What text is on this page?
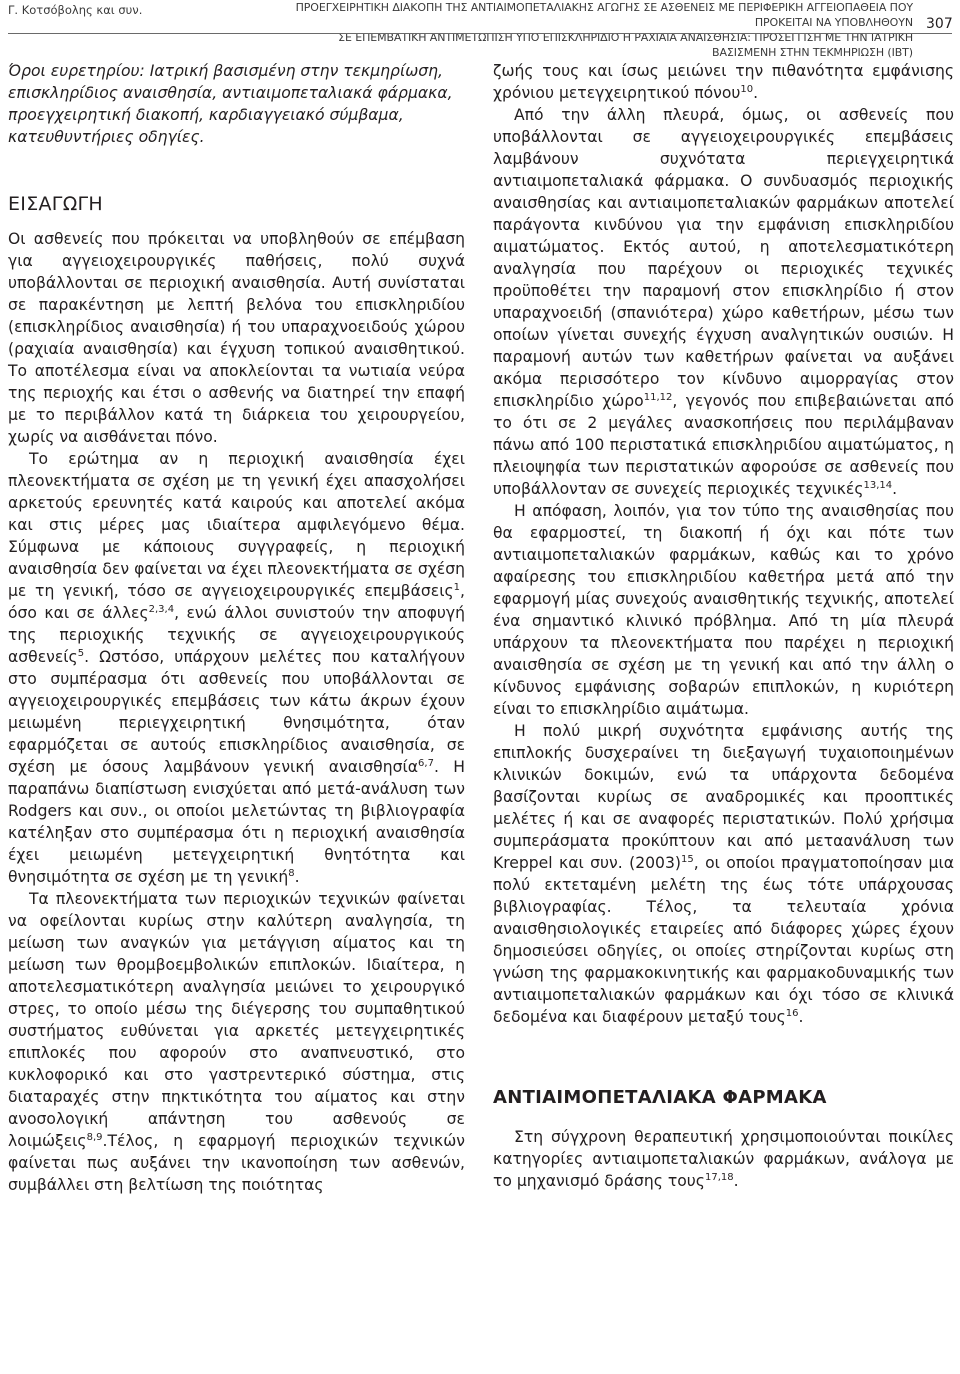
Γ. Κοτσόβολης και συν.	ΠΡΟΕΓΧΕΙΡΗΤΙΚΗ ΔΙΑΚΟΠΗ ΤΗΣ ΑΝΤΙΑΙΜΟΠΕΤΑΛΙΑΚΗΣ ΑΓΩΓΗΣ ΣΕ ΑΣΘΕΝΕΙΣ ΜΕ ΠΕΡΙΦΕΡΙΚΗ ΑΓΓΕΙΟΠΑΘΕΙΑ ΠΟΥ ΠΡΟΚΕΙΤΑΙ ΝΑ ΥΠΟΒΛΗΘΟΥΝ
ΣΕ ΕΠΕΜΒΑΤΙΚΗ ΑΝΤΙΜΕΤΩΠΙΣΗ ΥΠΟ ΕΠΙΣΚΛΗΡΙΔΙΟ Η ΡΑΧΙΑΙΑ ΑΝΑΙΣΘΗΣΙΑ: ΠΡΟΣΕΓΓΙΣΗ ΜΕ ΤΗΝ ΙΑΤΡΙΚΗ ΒΑΣΙΣΜΕΝΗ ΣΤΗΝ ΤΕΚΜΗΡΙΩΣΗ (ΙΒΤ)
307

Όροι ευρετηρίου: Ιατρική βασισμένη στην τεκμηρίωση, επισκληρίδιος αναισθησία, αντιαιμοπεταλιακά φάρμακα, προεγχειρητική διακοπή, καρδιαγγειακό σύμβαμα, κατευθυντήριες οδηγίες.

ΕΙΣΑΓΩΓΗ

Οι ασθενείς που πρόκειται να υποβληθούν σε επέμβαση για αγγειοχειρουργικές παθήσεις, πολύ συχνά υποβάλλονται σε περιοχική αναισθησία. Αυτή συνίσταται σε παρακέντηση με λεπτή βελόνα του επισκληριδίου (επισκληρίδιος αναισθησία) ή του υπαραχνοειδούς χώρου (ραχιαία αναισθησία) και έγχυση τοπικού αναισθητικού. Το αποτέλεσμα είναι να αποκλείονται τα νωτιαία νεύρα της περιοχής και έτσι ο ασθενής να διατηρεί την επαφή με το περιβάλλον κατά τη διάρκεια του χειρουργείου, χωρίς να αισθάνεται πόνο.

Το ερώτημα αν η περιοχική αναισθησία έχει πλεονεκτήματα σε σχέση με τη γενική έχει απασχολήσει αρκετούς ερευνητές κατά καιρούς και αποτελεί ακόμα και στις μέρες μας ιδιαίτερα αμφιλεγόμενο θέμα. Σύμφωνα με κάποιους συγγραφείς, η περιοχική αναισθησία δεν φαίνεται να έχει πλεονεκτήματα σε σχέση με τη γενική, τόσο σε αγγειοχειρουργικές επεμβάσεις$^1$, όσο και σε άλλες$^{2,3,4}$, ενώ άλλοι συνιστούν την αποφυγή της περιοχικής τεχνικής σε αγγειοχειρουργικούς ασθενείς$^5$. Ωστόσο, υπάρχουν μελέτες που καταλήγουν στο συμπέρασμα ότι ασθενείς που υποβάλλονται σε αγγειοχειρουργικές επεμβάσεις των κάτω άκρων έχουν μειωμένη περιεγχειρητική θνησιμότητα, όταν εφαρμόζεται σε αυτούς επισκληρίδιος αναισθησία, σε σχέση με όσους λαμβάνουν γενική αναισθησία$^{6,7}$. Η παραπάνω διαπίστωση ενισχύεται από μετά-ανάλυση των Rodgers και συν., οι οποίοι μελετώντας τη βιβλιογραφία κατέληξαν στο συμπέρασμα ότι η περιοχική αναισθησία έχει μειωμένη μετεγχειρητική θνητότητα και θνησιμότητα σε σχέση με τη γενική$^8$.

Τα πλεονεκτήματα των περιοχικών τεχνικών φαίνεται να οφείλονται κυρίως στην καλύτερη αναλγησία, τη μείωση των αναγκών για μετάγγιση αίματος και τη μείωση των θρομβοεμβολικών επιπλοκών. Ιδιαίτερα, η αποτελεσματικότερη αναλγησία μειώνει το χειρουργικό στρες, το οποίο μέσω της διέγερσης του συμπαθητικού συστήματος ευθύνεται για αρκετές μετεγχειρητικές επιπλοκές που αφορούν στο αναπνευστικό, στο κυκλοφορικό και στο γαστρεντερικό σύστημα, στις διαταραχές στην πηκτικότητα του αίματος και στην ανοσολογική απάντηση του ασθενούς σε λοιμώξεις$^{8,9}$.Τέλος, η εφαρμογή περιοχικών τεχνικών φαίνεται πως αυξάνει την ικανοποίηση των ασθενών, συμβάλλει στη βελτίωση της ποιότητας

ζωής τους και ίσως μειώνει την πιθανότητα εμφάνισης χρόνιου μετεγχειρητικού πόνου$^{10}$.

Από την άλλη πλευρά, όμως, οι ασθενείς που υποβάλλονται σε αγγειοχειρουργικές επεμβάσεις λαμβάνουν συχνότατα περιεγχειρητικά αντιαιμοπεταλιακά φάρμακα. Ο συνδυασμός περιοχικής αναισθησίας και αντιαιμοπεταλιακών φαρμάκων αποτελεί παράγοντα κινδύνου για την εμφάνιση επισκληριδίου αιματώματος. Εκτός αυτού, η αποτελεσματικότερη αναλγησία που παρέχουν οι περιοχικές τεχνικές προϋποθέτει την παραμονή στον επισκληρίδιο ή στον υπαραχνοειδή (σπανιότερα) χώρο καθετήρων, μέσω των οποίων γίνεται συνεχής έγχυση αναλγητικών ουσιών. Η παραμονή αυτών των καθετήρων φαίνεται να αυξάνει ακόμα περισσότερο τον κίνδυνο αιμορραγίας στον επισκληρίδιο χώρο$^{11,12}$, γεγονός που επιβεβαιώνεται από το ότι σε 2 μεγάλες ανασκοπήσεις που περιλάμβαναν πάνω από 100 περιστατικά επισκληριδίου αιματώματος, η πλειοψηφία των περιστατικών αφορούσε σε ασθενείς που υποβάλλονταν σε συνεχείς περιοχικές τεχνικές$^{13,14}$.

Η απόφαση, λοιπόν, για τον τύπο της αναισθησίας που θα εφαρμοστεί, τη διακοπή ή όχι και πότε των αντιαιμοπεταλιακών φαρμάκων, καθώς και το χρόνο αφαίρεσης του επισκληριδίου καθετήρα μετά από την εφαρμογή μίας συνεχούς αναισθητικής τεχνικής, αποτελεί ένα σημαντικό κλινικό πρόβλημα. Από τη μία πλευρά υπάρχουν τα πλεονεκτήματα που παρέχει η περιοχική αναισθησία σε σχέση με τη γενική και από την άλλη ο κίνδυνος εμφάνισης σοβαρών επιπλοκών, η κυριότερη είναι το επισκληρίδιο αιμάτωμα.

Η πολύ μικρή συχνότητα εμφάνισης αυτής της επιπλοκής δυσχεραίνει τη διεξαγωγή τυχαιοποιημένων κλινικών δοκιμών, ενώ τα υπάρχοντα δεδομένα βασίζονται κυρίως σε αναδρομικές και προοπτικές μελέτες ή και σε αναφορές περιστατικών. Πολύ χρήσιμα συμπεράσματα προκύπτουν και από μεταανάλυση των Kreppel και συν. $(2003)^{15}$, οι οποίοι πραγματοποίησαν μια πολύ εκτεταμένη μελέτη της έως τότε υπάρχουσας βιβλιογραφίας. Τέλος, τα τελευταία χρόνια αναισθησιολογικές εταιρείες από διάφορες χώρες έχουν δημοσιεύσει οδηγίες, οι οποίες στηρίζονται κυρίως στη γνώση της φαρμακοκινητικής και φαρμακοδυναμικής των αντιαιμοπεταλιακών φαρμάκων και όχι τόσο σε κλινικά δεδομένα και διαφέρουν μεταξύ τους$^{16}$.

ΑΝΤΙΑΙΜΟΠΕΤΑΛΙΑΚΑ ΦΑΡΜΑΚΑ

Στη σύγχρονη θεραπευτική χρησιμοποιούνται ποικίλες κατηγορίες αντιαιμοπεταλιακών φαρμάκων, ανάλογα με το μηχανισμό δράσης τους$^{17,18}$.
